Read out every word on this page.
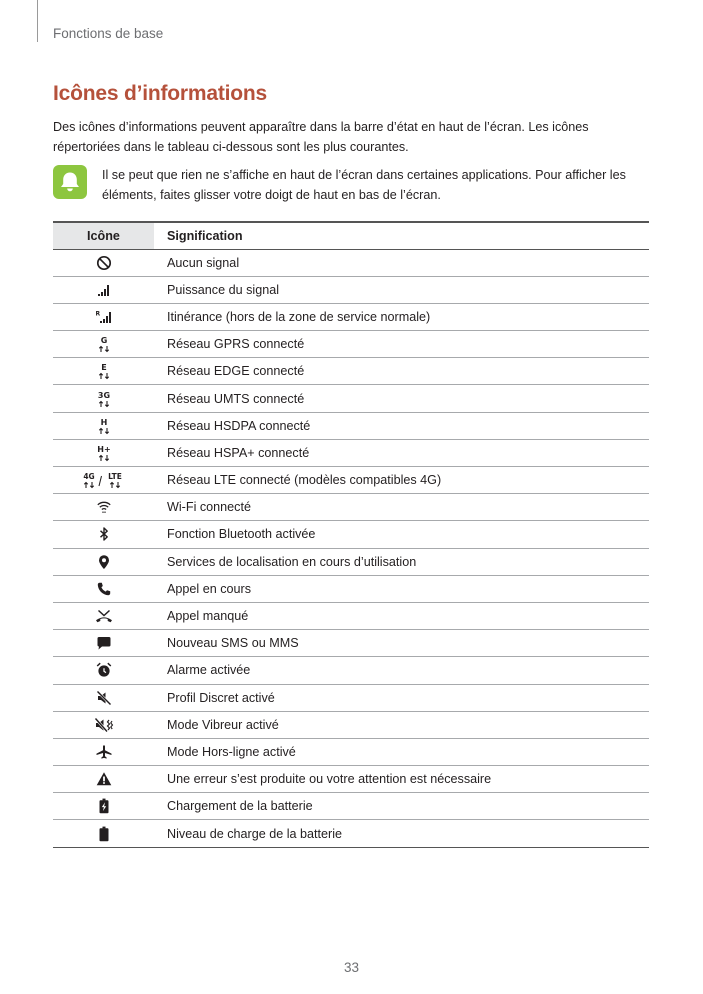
Fonctions de base
Icônes d’informations

Des icônes d’informations peuvent apparaître dans la barre d’état en haut de l’écran. Les icônes répertoriées dans le tableau ci-dessous sont les plus courantes.

Il se peut que rien ne s’affiche en haut de l’écran dans certaines applications. Pour afficher les éléments, faites glisser votre doigt de haut en bas de l’écran.

Icône	Signification
	Aucun signal
	Puissance du signal

R	Itinérance (hors de la zone de service normale)

G	Réseau GPRS connecté

E	Réseau EDGE connecté

3G	Réseau UMTS connecté

H	Réseau HSDPA connecté

H+	Réseau HSPA+ connecté

4G LTE	Réseau LTE connecté (modèles compatibles 4G)
	Wi-Fi connecté
	Fonction Bluetooth activée
	Services de localisation en cours d’utilisation
	Appel en cours
	Appel manqué
	Nouveau SMS ou MMS
	Alarme activée
	Profil Discret activé
	Mode Vibreur activé
	Mode Hors-ligne activé
	Une erreur s’est produite ou votre attention est nécessaire
	Chargement de la batterie
	Niveau de charge de la batterie
33
